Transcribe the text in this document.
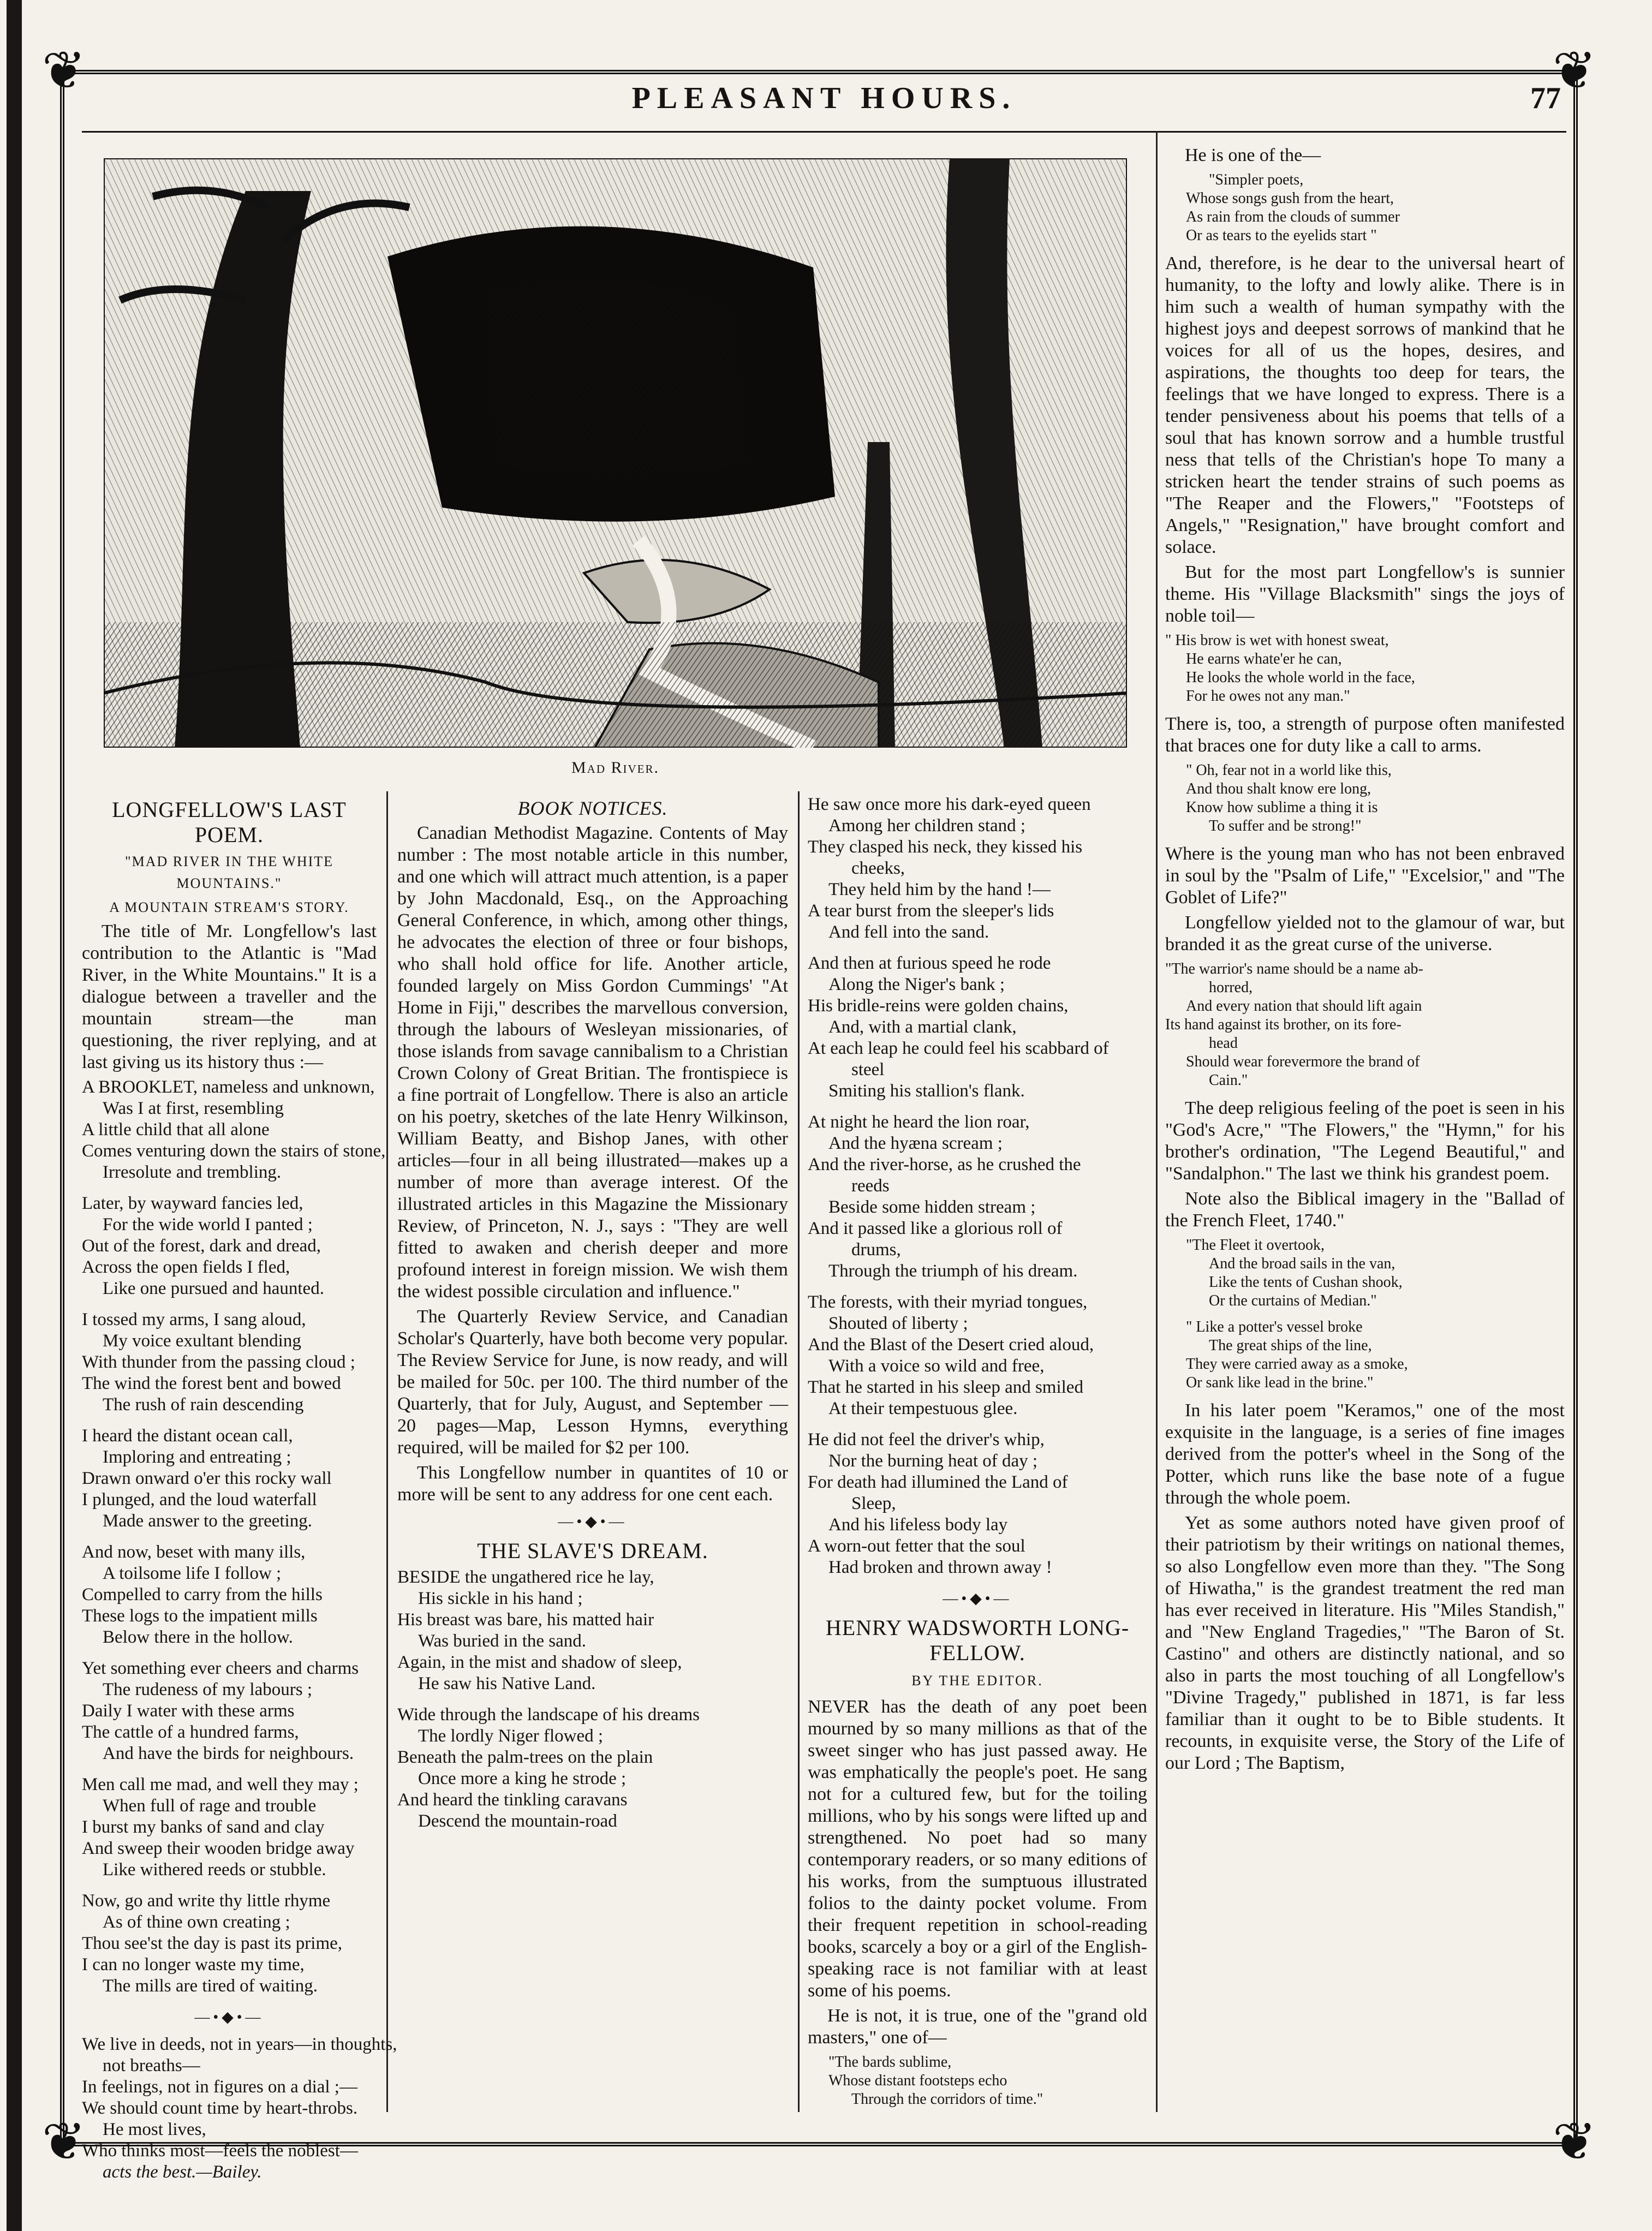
❦	❦
❦	❦
PLEASANT HOURS.	77
Mad River.
LONGFELLOW'S LAST POEM.
"MAD RIVER IN THE WHITE MOUNTAINS."
A MOUNTAIN STREAM'S STORY.

The title of Mr. Longfellow's last contribution to the Atlantic is "Mad River, in the White Mountains." It is a dialogue between a traveller and the mountain stream—the man questioning, the river replying, and at last giving us its history thus :—

A BROOKLET, nameless and unknown,
Was I at first, resembling
A little child that all alone
Comes venturing down the stairs of stone,
Irresolute and trembling.
Later, by wayward fancies led,
For the wide world I panted ;
Out of the forest, dark and dread,
Across the open fields I fled,
Like one pursued and haunted.
I tossed my arms, I sang aloud,
My voice exultant blending
With thunder from the passing cloud ;
The wind the forest bent and bowed
The rush of rain descending
I heard the distant ocean call,
Imploring and entreating ;
Drawn onward o'er this rocky wall
I plunged, and the loud waterfall
Made answer to the greeting.
And now, beset with many ills,
A toilsome life I follow ;
Compelled to carry from the hills
These logs to the impatient mills
Below there in the hollow.
Yet something ever cheers and charms
The rudeness of my labours ;
Daily I water with these arms
The cattle of a hundred farms,
And have the birds for neighbours.
Men call me mad, and well they may ;
When full of rage and trouble
I burst my banks of sand and clay
And sweep their wooden bridge away
Like withered reeds or stubble.
Now, go and write thy little rhyme
As of thine own creating ;
Thou see'st the day is past its prime,
I can no longer waste my time,
The mills are tired of waiting.
—•◆•—
We live in deeds, not in years—in thoughts,
not breaths—
In feelings, not in figures on a dial ;—
We should count time by heart-throbs.
He most lives,
Who thinks most—feels the noblest—
acts the best.—Bailey.
BOOK NOTICES.

Canadian Methodist Magazine. Contents of May number : The most notable article in this number, and one which will attract much attention, is a paper by John Macdonald, Esq., on the Approaching General Conference, in which, among other things, he advocates the election of three or four bishops, who shall hold office for life. Another article, founded largely on Miss Gordon Cummings' "At Home in Fiji," describes the marvellous conversion, through the labours of Wesleyan missionaries, of those islands from savage cannibalism to a Christian Crown Colony of Great Britian. The frontispiece is a fine portrait of Longfellow. There is also an article on his poetry, sketches of the late Henry Wilkinson, William Beatty, and Bishop Janes, with other articles—four in all being illustrated—makes up a number of more than average interest. Of the illustrated articles in this Magazine the Missionary Review, of Princeton, N. J., says : "They are well fitted to awaken and cherish deeper and more profound interest in foreign mission. We wish them the widest possible circulation and influence."

The Quarterly Review Service, and Canadian Scholar's Quarterly, have both become very popular. The Review Service for June, is now ready, and will be mailed for 50c. per 100. The third number of the Quarterly, that for July, August, and September —20 pages—Map, Lesson Hymns, everything required, will be mailed for $2 per 100.

This Longfellow number in quantites of 10 or more will be sent to any address for one cent each.

—•◆•—
THE SLAVE'S DREAM.
BESIDE the ungathered rice he lay,
His sickle in his hand ;
His breast was bare, his matted hair
Was buried in the sand.
Again, in the mist and shadow of sleep,
He saw his Native Land.
Wide through the landscape of his dreams
The lordly Niger flowed ;
Beneath the palm-trees on the plain
Once more a king he strode ;
And heard the tinkling caravans
Descend the mountain-road
He saw once more his dark-eyed queen
Among her children stand ;
They clasped his neck, they kissed his
cheeks,
They held him by the hand !—
A tear burst from the sleeper's lids
And fell into the sand.
And then at furious speed he rode
Along the Niger's bank ;
His bridle-reins were golden chains,
And, with a martial clank,
At each leap he could feel his scabbard of
steel
Smiting his stallion's flank.
At night he heard the lion roar,
And the hyæna scream ;
And the river-horse, as he crushed the
reeds
Beside some hidden stream ;
And it passed like a glorious roll of
drums,
Through the triumph of his dream.
The forests, with their myriad tongues,
Shouted of liberty ;
And the Blast of the Desert cried aloud,
With a voice so wild and free,
That he started in his sleep and smiled
At their tempestuous glee.
He did not feel the driver's whip,
Nor the burning heat of day ;
For death had illumined the Land of
Sleep,
And his lifeless body lay
A worn-out fetter that the soul
Had broken and thrown away !
—•◆•—
HENRY WADSWORTH LONG-FELLOW.
BY THE EDITOR.

NEVER has the death of any poet been mourned by so many millions as that of the sweet singer who has just passed away. He was emphatically the people's poet. He sang not for a cultured few, but for the toiling millions, who by his songs were lifted up and strengthened. No poet had so many contemporary readers, or so many editions of his works, from the sumptuous illustrated folios to the dainty pocket volume. From their frequent repetition in school-reading books, scarcely a boy or a girl of the English-speaking race is not familiar with at least some of his poems.

He is not, it is true, one of the "grand old masters," one of—

"The bards sublime,
Whose distant footsteps echo
Through the corridors of time."

He is one of the—

"Simpler poets,
Whose songs gush from the heart,
As rain from the clouds of summer
Or as tears to the eyelids start "

And, therefore, is he dear to the universal heart of humanity, to the lofty and lowly alike. There is in him such a wealth of human sympathy with the highest joys and deepest sorrows of mankind that he voices for all of us the hopes, desires, and aspirations, the thoughts too deep for tears, the feelings that we have longed to express. There is a tender pensiveness about his poems that tells of a soul that has known sorrow and a humble trustful ness that tells of the Christian's hope To many a stricken heart the tender strains of such poems as "The Reaper and the Flowers," "Footsteps of Angels," "Resignation," have brought comfort and solace.

But for the most part Longfellow's is sunnier theme. His "Village Blacksmith" sings the joys of noble toil—

" His brow is wet with honest sweat,
He earns whate'er he can,
He looks the whole world in the face,
For he owes not any man."

There is, too, a strength of purpose often manifested that braces one for duty like a call to arms.

" Oh, fear not in a world like this,
And thou shalt know ere long,
Know how sublime a thing it is
To suffer and be strong!"

Where is the young man who has not been enbraved in soul by the "Psalm of Life," "Excelsior," and "The Goblet of Life?"

Longfellow yielded not to the glamour of war, but branded it as the great curse of the universe.

"The warrior's name should be a name ab-
horred,
And every nation that should lift again
Its hand against its brother, on its fore-
head
Should wear forevermore the brand of
Cain."

The deep religious feeling of the poet is seen in his "God's Acre," "The Flowers," the "Hymn," for his brother's ordination, "The Legend Beautiful," and "Sandalphon." The last we think his grandest poem.

Note also the Biblical imagery in the "Ballad of the French Fleet, 1740."

"The Fleet it overtook,
And the broad sails in the van,
Like the tents of Cushan shook,
Or the curtains of Median."
" Like a potter's vessel broke
The great ships of the line,
They were carried away as a smoke,
Or sank like lead in the brine."

In his later poem "Keramos," one of the most exquisite in the language, is a series of fine images derived from the potter's wheel in the Song of the Potter, which runs like the base note of a fugue through the whole poem.

Yet as some authors noted have given proof of their patriotism by their writings on national themes, so also Longfellow even more than they. "The Song of Hiwatha," is the grandest treatment the red man has ever received in literature. His "Miles Standish," and "New England Tragedies," "The Baron of St. Castino" and others are distinctly national, and so also in parts the most touching of all Longfellow's "Divine Tragedy," published in 1871, is far less familiar than it ought to be to Bible students. It recounts, in exquisite verse, the Story of the Life of our Lord ; The Baptism,
